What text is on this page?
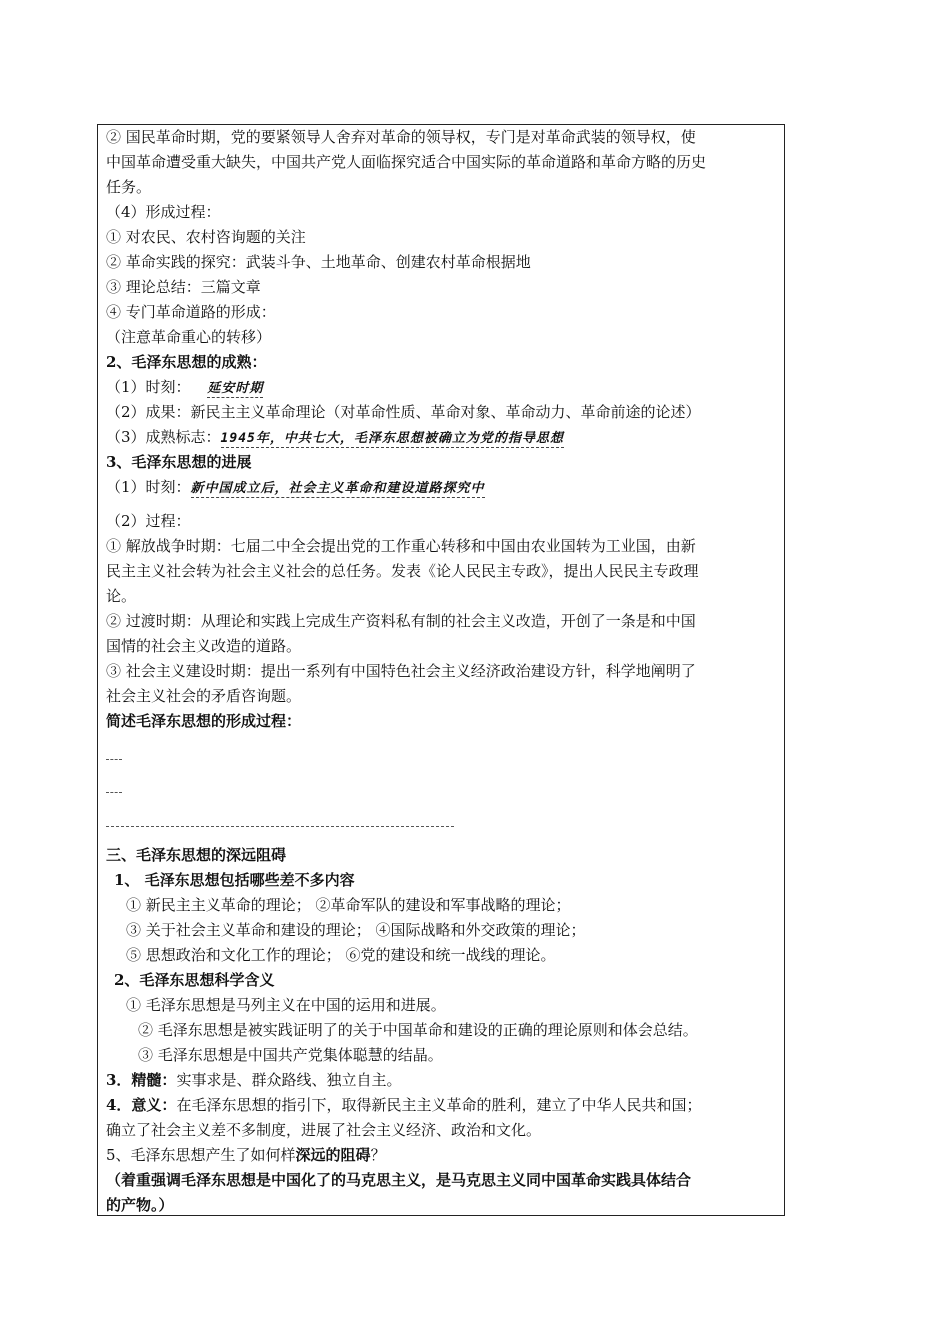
② 国民革命时期，党的要紧领导人舍弃对革命的领导权，专门是对革命武装的领导权，使
中国革命遭受重大缺失，中国共产党人面临探究适合中国实际的革命道路和革命方略的历史
任务。
（4）形成过程：
① 对农民、农村咨询题的关注
② 革命实践的探究：武装斗争、土地革命、创建农村革命根据地
③ 理论总结：三篇文章
④ 专门革命道路的形成：
（注意革命重心的转移）
2、毛泽东思想的成熟：
（1）时刻： 延安时期
（2）成果：新民主主义革命理论（对革命性质、革命对象、革命动力、革命前途的论述）
（3）成熟标志：1945年，中共七大，毛泽东思想被确立为党的指导思想
3、毛泽东思想的进展
（1）时刻：新中国成立后，社会主义革命和建设道路探究中
（2）过程：
① 解放战争时期：七届二中全会提出党的工作重心转移和中国由农业国转为工业国，由新
民主主义社会转为社会主义社会的总任务。发表《论人民民主专政》，提出人民民主专政理
论。
② 过渡时期：从理论和实践上完成生产资料私有制的社会主义改造，开创了一条是和中国
国情的社会主义改造的道路。
③ 社会主义建设时期：提出一系列有中国特色社会主义经济政治建设方针，科学地阐明了
社会主义社会的矛盾咨询题。
简述毛泽东思想的形成过程：
三、毛泽东思想的深远阻碍
1、 毛泽东思想包括哪些差不多内容
① 新民主主义革命的理论； ②革命军队的建设和军事战略的理论；
③ 关于社会主义革命和建设的理论； ④国际战略和外交政策的理论；
⑤ 思想政治和文化工作的理论； ⑥党的建设和统一战线的理论。
2、毛泽东思想科学含义
① 毛泽东思想是马列主义在中国的运用和进展。
② 毛泽东思想是被实践证明了的关于中国革命和建设的正确的理论原则和体会总结。
③ 毛泽东思想是中国共产党集体聪慧的结晶。
3．精髓：实事求是、群众路线、独立自主。
4．意义：在毛泽东思想的指引下，取得新民主主义革命的胜利，建立了中华人民共和国；
确立了社会主义差不多制度，进展了社会主义经济、政治和文化。
5、毛泽东思想产生了如何样深远的阻碍？
（着重强调毛泽东思想是中国化了的马克思主义，是马克思主义同中国革命实践具体结合
的产物。）
